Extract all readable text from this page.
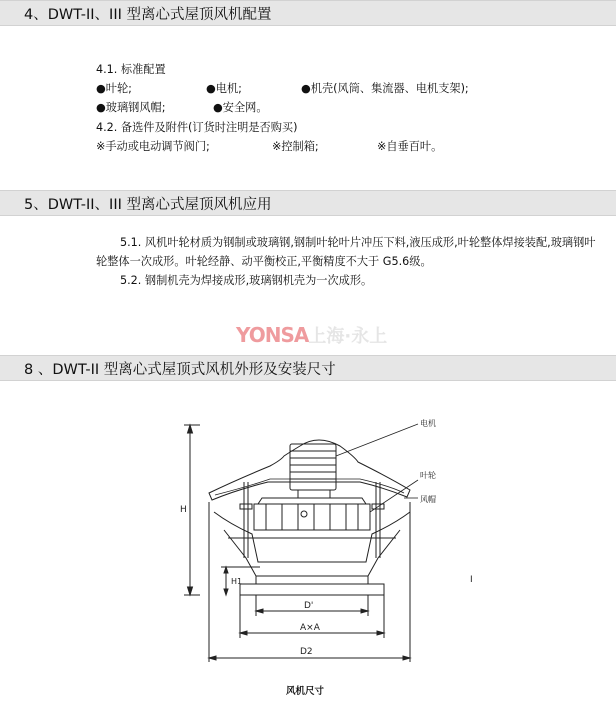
4、DWT-II、III 型离心式屋顶风机配置
4.1. 标准配置
●叶轮;	●电机;	●机壳(风筒、集流器、电机支架);
●玻璃钢风帽;	●安全网。
4.2. 备选件及附件(订货时注明是否购买)
※手动或电动调节阀门;	※控制箱;	※自垂百叶。
5、DWT-II、III 型离心式屋顶风机应用
5.1. 风机叶轮材质为钢制或玻璃钢,钢制叶轮叶片冲压下料,液压成形,叶轮整体焊接装配,玻璃钢叶轮整体一次成形。叶轮经静、动平衡校正,平衡精度不大于 G5.6级。
5.2. 钢制机壳为焊接成形,玻璃钢机壳为一次成形。
YONSA上海·永上
8 、DWT-II 型离心式屋顶式风机外形及安装尺寸
H
H1
D'
A×A
D2
电机
叶轮
风帽
I
风机尺寸
